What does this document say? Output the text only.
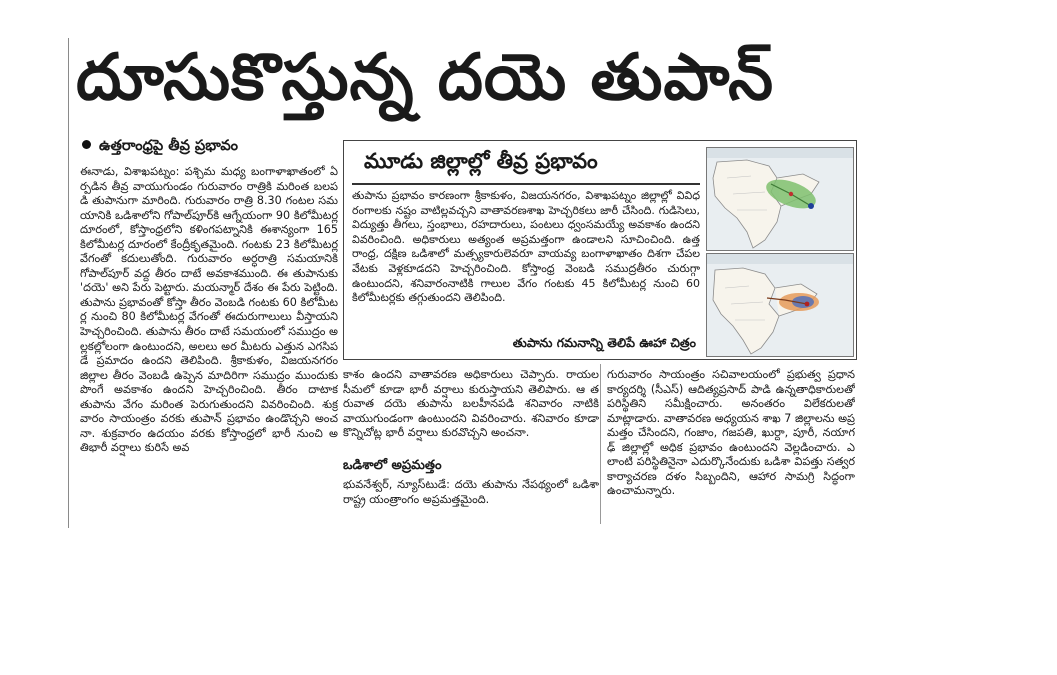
దూసుకొస్తున్న దయె తుపాన్
ఉత్తరాంధ్రపై తీవ్ర ప్రభావం
ఈనాడు, విశాఖపట్నం: పశ్చిమ మధ్య బంగాళాఖాతంలో ఏర్పడిన తీవ్ర వాయుగుండం గురువారం రాత్రికి మరింత బలపడి తుపానుగా మారింది. గురువారం రాత్రి 8.30 గంటల సమయానికి ఒడిశాలోని గోపాల్‌పూర్‌కి ఆగ్నేయంగా 90 కిలోమీటర్ల దూరంలో, కోస్తాంధ్రలోని కళింగపట్నానికి ఈశాన్యంగా 165 కిలోమీటర్ల దూరంలో కేంద్రీకృతమైంది. గంటకు 23 కిలోమీటర్ల వేగంతో కదులుతోంది. గురువారం అర్ధరాత్రి సమయానికి గోపాల్‌పూర్ వద్ద తీరం దాటే అవకాశముంది. ఈ తుపానుకు 'దయె' అని పేరు పెట్టారు. మయన్మార్ దేశం ఈ పేరు పెట్టింది. తుపాను ప్రభావంతో కోస్తా తీరం వెంబడి గంటకు 60 కిలోమీటర్ల నుంచి 80 కిలోమీటర్ల వేగంతో ఈదురుగాలులు వీస్తాయని హెచ్చరించింది. తుపాను తీరం దాటే సమయంలో సముద్రం అల్లకల్లోలంగా ఉంటుందని, అలలు అర మీటరు ఎత్తున ఎగసిపడే ప్రమాదం ఉందని తెలిపింది. శ్రీకాకుళం, విజయనగరం జిల్లాల తీరం వెంబడి ఉప్పెన మాదిరిగా సముద్రం ముందుకు పొంగే అవకాశం ఉందని హెచ్చరించింది. తీరం దాటాక తుపాను వేగం మరింత పెరుగుతుందని వివరించింది. శుక్రవారం సాయంత్రం వరకు తుపాన్ ప్రభావం ఉండొచ్చని అంచనా. శుక్రవారం ఉదయం వరకు కోస్తాంధ్రలో భారీ నుంచి అతిభారీ వర్షాలు కురిసే అవ
మూడు జిల్లాల్లో తీవ్ర ప్రభావం
తుపాను ప్రభావం కారణంగా శ్రీకాకుళం, విజయనగరం, విశాఖపట్నం జిల్లాల్లో వివిధ రంగాలకు నష్టం వాటిల్లవచ్చని వాతావరణశాఖ హెచ్చరికలు జారీ చేసింది. గుడిసెలు, విద్యుత్తు తీగలు, స్తంభాలు, రహదారులు, పంటలు ధ్వంసమయ్యే అవకాశం ఉందని వివరించింది. అధికారులు అత్యంత అప్రమత్తంగా ఉండాలని సూచించింది. ఉత్తరాంధ్ర, దక్షిణ ఒడిశాలో మత్స్యకారులెవరూ వాయవ్య బంగాళాఖాతం దిశగా చేపల వేటకు వెళ్లకూడదని హెచ్చరించింది. కోస్తాంధ్ర వెంబడి సముద్రతీరం చురుగ్గా ఉంటుందని, శనివారంనాటికి గాలుల వేగం గంటకు 45 కిలోమీటర్ల నుంచి 60 కిలోమీటర్లకు తగ్గుతుందని తెలిపింది.
తుపాను గమనాన్ని తెలిపే ఊహా చిత్రం
కాశం ఉందని వాతావరణ అధికారులు చెప్పారు. రాయలసీమలో కూడా భారీ వర్షాలు కురుస్తాయని తెలిపారు. ఆ తరువాత దయె తుపాను బలహీనపడి శనివారం నాటికి వాయుగుండంగా ఉంటుందని వివరించారు. శనివారం కూడా కొన్నిచోట్ల భారీ వర్షాలు కురవొచ్చని అంచనా.
ఒడిశాలో అప్రమత్తం
భువనేశ్వర్, న్యూస్‌టుడే: దయె తుపాను నేపథ్యంలో ఒడిశా రాష్ట్ర యంత్రాంగం అప్రమత్తమైంది.
గురువారం సాయంత్రం సచివాలయంలో ప్రభుత్వ ప్రధాన కార్యదర్శి (సీఎస్) ఆదిత్యప్రసాద్ పాడి ఉన్నతాధికారులతో పరిస్థితిని సమీక్షించారు. అనంతరం విలేకరులతో మాట్లాడారు. వాతావరణ అధ్యయన శాఖ 7 జిల్లాలను అప్రమత్తం చేసిందని, గంజాం, గజపతి, ఖుర్దా, పూరీ, నయాగఢ్ జిల్లాల్లో అధిక ప్రభావం ఉంటుందని వెల్లడించారు. ఎలాంటి పరిస్థితినైనా ఎదుర్కొనేందుకు ఒడిశా విపత్తు సత్వర కార్యాచరణ దళం సిబ్బందిని, ఆహార సామగ్రి సిద్ధంగా ఉంచామన్నారు.
